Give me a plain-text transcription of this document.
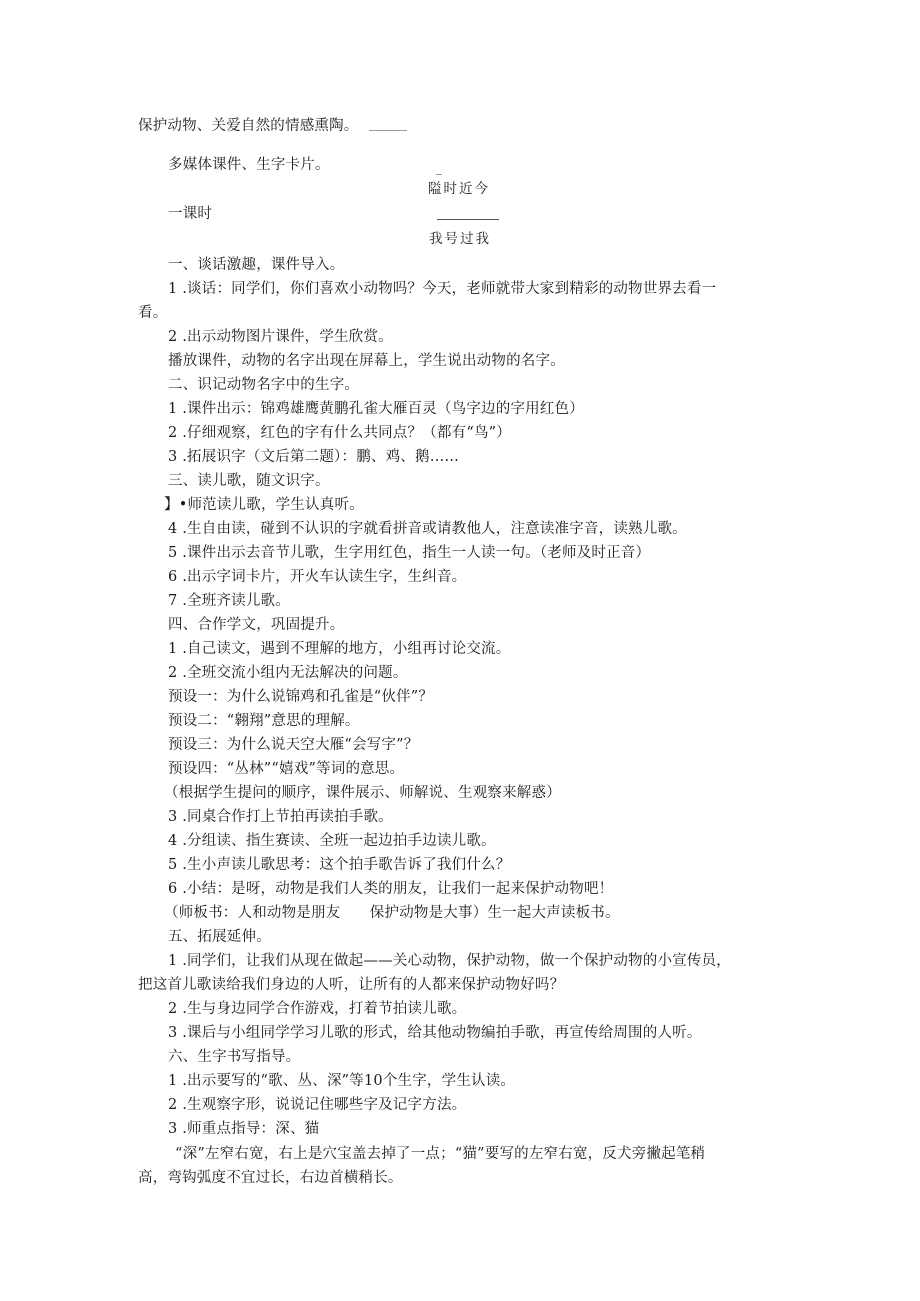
保护动物、关爱自然的情感熏陶。
多媒体课件、生字卡片。	_
隘时近今
一课时
我号过我
一、谈话激趣，课件导入。
1 .谈话：同学们，你们喜欢小动物吗？今天，老师就带大家到精彩的动物世界去看一
看。
2 .出示动物图片课件，学生欣赏。
播放课件，动物的名字出现在屏幕上，学生说出动物的名字。
二、识记动物名字中的生字。
1 .课件出示：锦鸡雄鹰黄鹏孔雀大雁百灵（鸟字边的字用红色）
2 .仔细观察，红色的字有什么共同点？（都有“鸟”）
3 .拓展识字（文后第二题）：鹏、鸡、鹅……
三、读儿歌，随文识字。
】•师范读儿歌，学生认真听。
4 .生自由读，碰到不认识的字就看拼音或请教他人，注意读准字音，读熟儿歌。
5 .课件出示去音节儿歌，生字用红色，指生一人读一句。（老师及时正音）
6 .出示字词卡片，开火车认读生字，生纠音。
7 .全班齐读儿歌。
四、合作学文，巩固提升。
1 .自己读文，遇到不理解的地方，小组再讨论交流。
2 .全班交流小组内无法解决的问题。
预设一：为什么说锦鸡和孔雀是“伙伴”？
预设二：“翱翔”意思的理解。
预设三：为什么说天空大雁“会写字”？
预设四：“丛林”“嬉戏”等词的意思。
（根据学生提问的顺序，课件展示、师解说、生观察来解惑）
3 .同桌合作打上节拍再读拍手歌。
4 .分组读、指生赛读、全班一起边拍手边读儿歌。
5 .生小声读儿歌思考：这个拍手歌告诉了我们什么？
6 .小结：是呀，动物是我们人类的朋友，让我们一起来保护动物吧！
（师板书：人和动物是朋友　　保护动物是大事）生一起大声读板书。
五、拓展延伸。
1 .同学们，让我们从现在做起——关心动物，保护动物，做一个保护动物的小宣传员，
把这首儿歌读给我们身边的人听，让所有的人都来保护动物好吗？
2 .生与身边同学合作游戏，打着节拍读儿歌。
3 .课后与小组同学学习儿歌的形式，给其他动物编拍手歌，再宣传给周围的人听。
六、生字书写指导。
1 .出示要写的“歌、丛、深”等10个生字，学生认读。
2 .生观察字形，说说记住哪些字及记字方法。
3 .师重点指导：深、猫
“深”左窄右宽，右上是穴宝盖去掉了一点；“猫”要写的左窄右宽，反犬旁撇起笔稍
高，弯钩弧度不宜过长，右边首横稍长。
